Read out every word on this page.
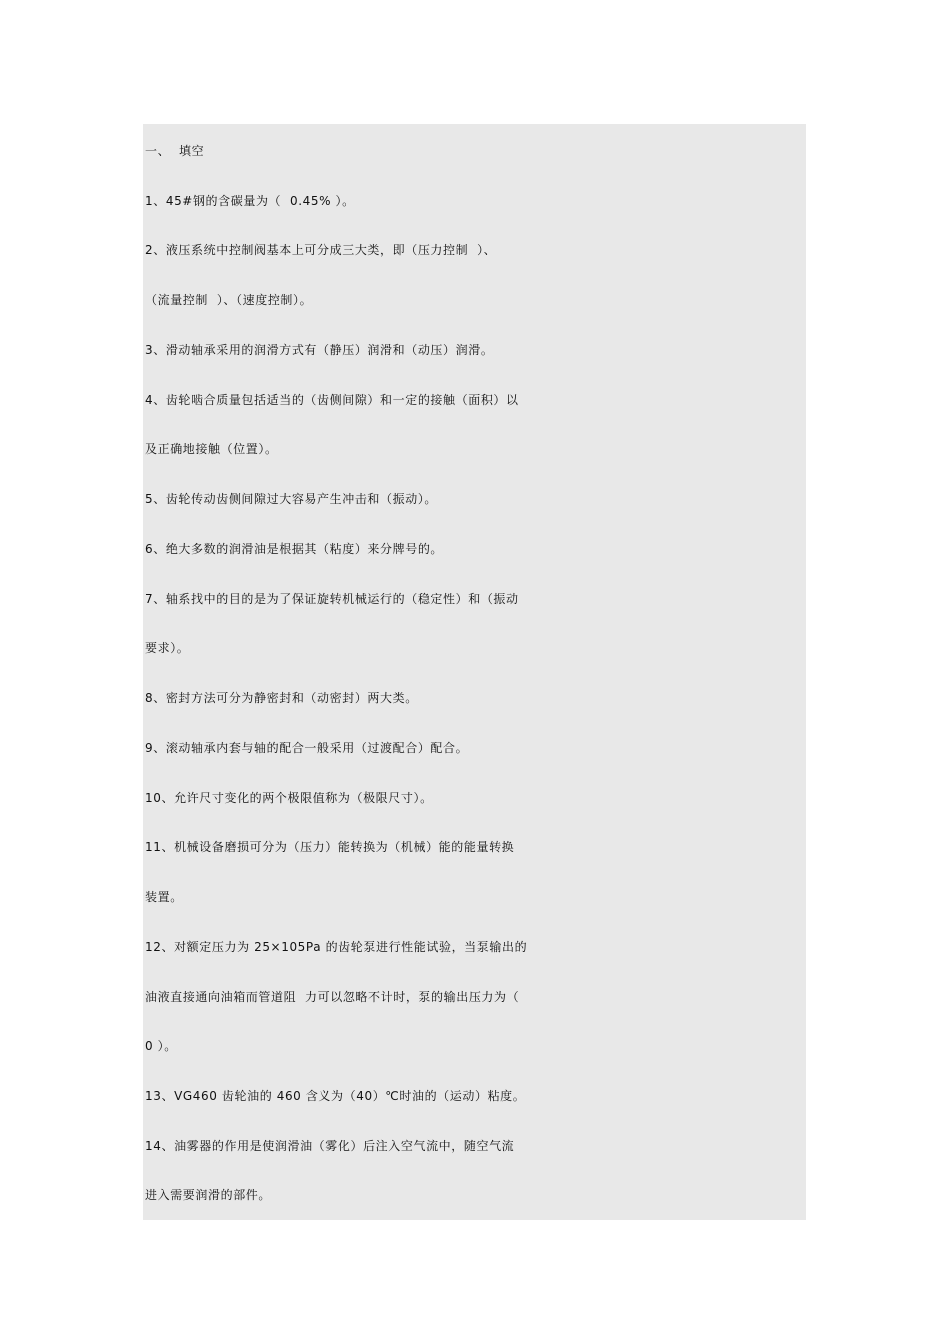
一、  填空
1、45#钢的含碳量为（  0.45% ）。
2、液压系统中控制阀基本上可分成三大类，即（压力控制  ）、
（流量控制  ）、（速度控制）。
3、滑动轴承采用的润滑方式有（静压）润滑和（动压）润滑。
4、齿轮啮合质量包括适当的（齿侧间隙）和一定的接触（面积）以
及正确地接触（位置）。
5、齿轮传动齿侧间隙过大容易产生冲击和（振动）。
6、绝大多数的润滑油是根据其（粘度）来分牌号的。
7、轴系找中的目的是为了保证旋转机械运行的（稳定性）和（振动
要求）。
8、密封方法可分为静密封和（动密封）两大类。
9、滚动轴承内套与轴的配合一般采用（过渡配合）配合。
10、允许尺寸变化的两个极限值称为（极限尺寸）。
11、机械设备磨损可分为（压力）能转换为（机械）能的能量转换
装置。
12、对额定压力为 25×105Pa 的齿轮泵进行性能试验，当泵输出的
油液直接通向油箱而管道阻  力可以忽略不计时，泵的输出压力为（
0 ）。
13、VG460 齿轮油的 460 含义为（40）℃时油的（运动）粘度。
14、油雾器的作用是使润滑油（雾化）后注入空气流中，随空气流
进入需要润滑的部件。
